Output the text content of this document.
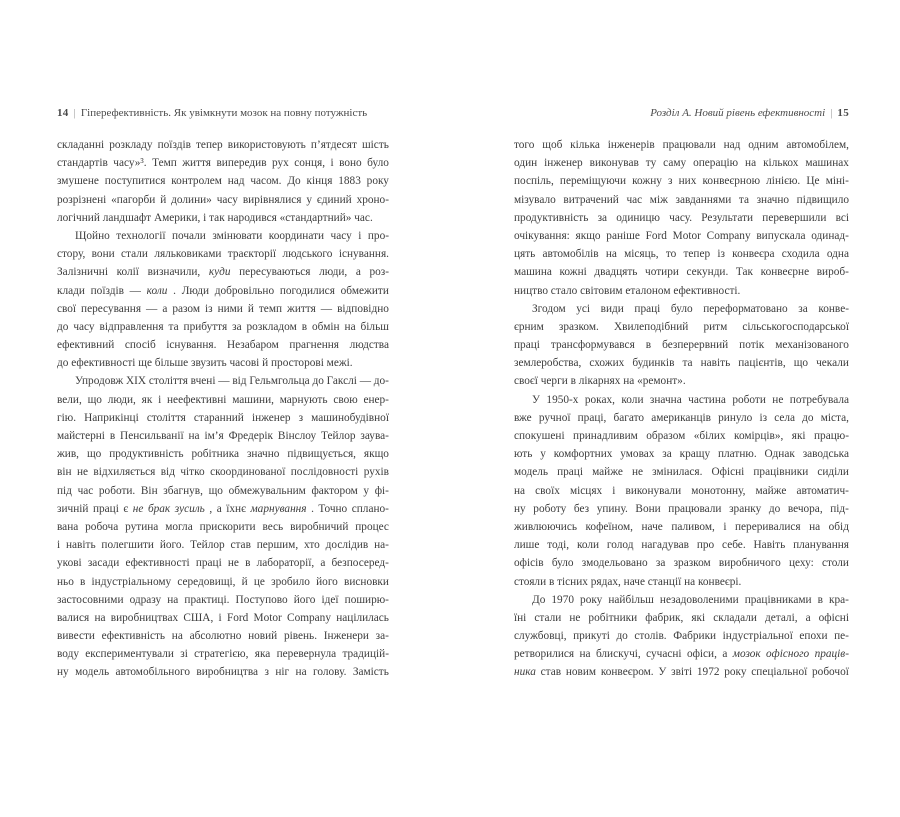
14 | Гіперефективність. Як увімкнути мозок на повну потужність
складанні розкладу поїздів тепер використовують п’ятдесят шість
стандартів часу»³. Темп життя випередив рух сонця, і воно було
змушене поступитися контролем над часом. До кінця 1883 року
розрізнені «пагорби й долини» часу вирівнялися у єдиний хроно-
логічний ландшафт Америки, і так народився «стандартний» час.
Щойно технології почали змінювати координати часу і про-
стору, вони стали ляльковиками траєкторії людського існування.
Залізничні колії визначили, куди пересуваються люди, а роз-
клади поїздів — коли . Люди добровільно погодилися обмежити
свої пересування — а разом із ними й темп життя — відповідно
до часу відправлення та прибуття за розкладом в обмін на більш
ефективний спосіб існування. Незабаром прагнення людства
до ефективності ще більше звузить часові й просторові межі.
Упродовж XIX століття вчені — від Гельмгольца до Гакслі — до-
вели, що люди, як і неефективні машини, марнують свою енер-
гію. Наприкінці століття старанний інженер з машинобудівної
майстерні в Пенсильванії на ім’я Фредерік Вінслоу Тейлор заува-
жив, що продуктивність робітника значно підвищується, якщо
він не відхиляється від чітко скоординованої послідовності рухів
під час роботи. Він збагнув, що обмежувальним фактором у фі-
зичній праці є не брак зусиль , а їхнє марнування . Точно сплано-
вана робоча рутина могла прискорити весь виробничий процес
і навіть полегшити його. Тейлор став першим, хто дослідив на-
укові засади ефективності праці не в лабораторії, а безпосеред-
ньо в індустріальному середовищі, й це зробило його висновки
застосовними одразу на практиці. Поступово його ідеї поширю-
валися на виробництвах США, і Ford Motor Company націлилась
вивести ефективність на абсолютно новий рівень. Інженери за-
воду експериментували зі стратегією, яка перевернула традицій-
ну модель автомобільного виробництва з ніг на голову. Замість
Розділ А. Новий рівень ефективності | 15
того щоб кілька інженерів працювали над одним автомобілем,
один інженер виконував ту саму операцію на кількох машинах
поспіль, переміщуючи кожну з них конвеєрною лінією. Це міні-
мізувало витрачений час між завданнями та значно підвищило
продуктивність за одиницю часу. Результати перевершили всі
очікування: якщо раніше Ford Motor Company випускала одинад-
цять автомобілів на місяць, то тепер із конвеєра сходила одна
машина кожні двадцять чотири секунди. Так конвеєрне вироб-
ництво стало світовим еталоном ефективності.
Згодом усі види праці було переформатовано за конве-
єрним зразком. Хвилеподібний ритм сільськогосподарської
праці трансформувався в безперервний потік механізованого
землеробства, схожих будинків та навіть пацієнтів, що чекали
своєї черги в лікарнях на «ремонт».
У 1950-х роках, коли значна частина роботи не потребувала
вже ручної праці, багато американців ринуло із села до міста,
спокушені принадливим образом «білих комірців», які працю-
ють у комфортних умовах за кращу платню. Однак заводська
модель праці майже не змінилася. Офісні працівники сиділи
на своїх місцях і виконували монотонну, майже автоматич-
ну роботу без упину. Вони працювали зранку до вечора, під-
живлюючись кофеїном, наче паливом, і переривалися на обід
лише тоді, коли голод нагадував про себе. Навіть планування
офісів було змодельовано за зразком виробничого цеху: столи
стояли в тісних рядах, наче станції на конвеєрі.
До 1970 року найбільш незадоволеними працівниками в кра-
їні стали не робітники фабрик, які складали деталі, а офісні
службовці, прикуті до столів. Фабрики індустріальної епохи пе-
ретворилися на блискучі, сучасні офіси, а мозок офісного праців-
ника став новим конвеєром. У звіті 1972 року спеціальної робочої
